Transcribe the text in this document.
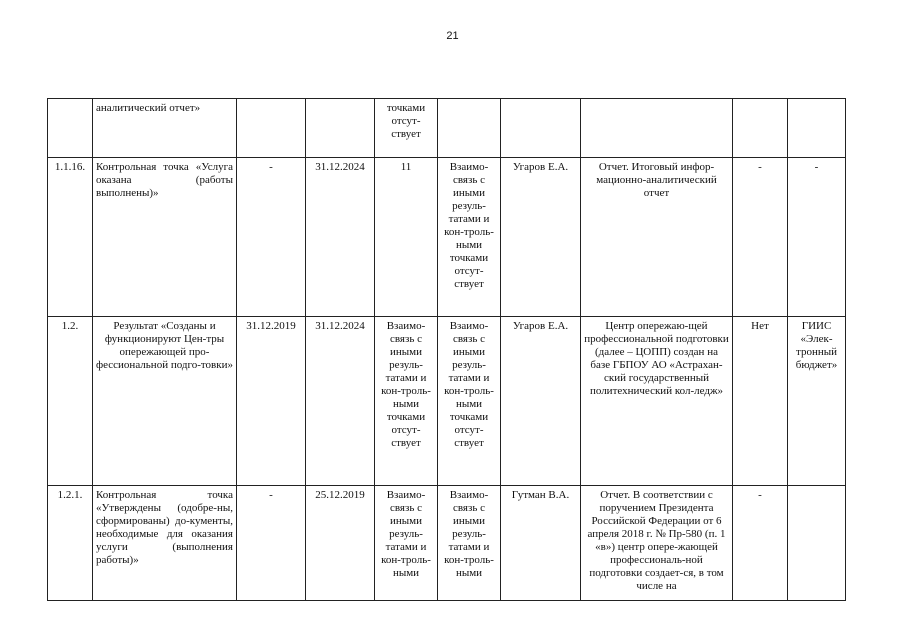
21
	аналитический отчет»			точками отсут-ствует					
1.1.16.	Контрольная точка «Услуга оказана (работы выполнены)»	-	31.12.2024	11	Взаимо-связь с иными резуль-татами и кон-троль-ными точками отсут-ствует	Угаров Е.А.	Отчет. Итоговый инфор-мационно-аналитический отчет	-	-
1.2.	Результат «Созданы и функционируют Цен-тры опережающей про-фессиональной подго-товки»	31.12.2019	31.12.2024	Взаимо-связь с иными резуль-татами и кон-троль-ными точками отсут-ствует	Взаимо-связь с иными резуль-татами и кон-троль-ными точками отсут-ствует	Угаров Е.А.	Центр опережаю-щей профессиональной подготовки (далее – ЦОПП) создан на базе ГБПОУ АО «Астрахан-ский государственный политехнический кол-ледж»	Нет	ГИИС «Элек-тронный бюджет»
1.2.1.	Контрольная точка «Утверждены (одобре-ны, сформированы) до-кументы, необходимые для оказания услуги (выполнения работы)»	-	25.12.2019	Взаимо-связь с иными резуль-татами и кон-троль-ными	Взаимо-связь с иными резуль-татами и кон-троль-ными	Гутман В.А.	Отчет. В соответствии с поручением Президента Российской Федерации от 6 апреля 2018 г. № Пр-580 (п. 1 «в») центр опере-жающей профессиональ-ной подготовки создает-ся, в том числе на	-	
